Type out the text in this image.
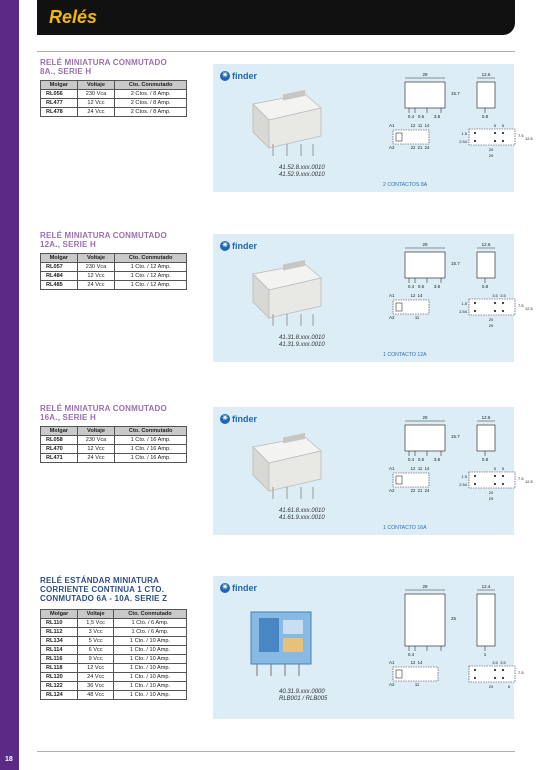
Relés
18
RELÉ MINIATURA CONMUTADO
8A., SERIE H
Molgar	Voltaje	Cto. Conmutado
RL056	230 Vca	2 Ctos. / 8 Amp.
RL477	12 Vcc	2 Ctos. / 8 Amp.
RL478	24 Vcc	2 Ctos. / 8 Amp.
✳ finder
41.52.8.xxx.0010
41.52.9.xxx.0010
2 CONTACTOS 8A
29
15.7
0.4 0.6 3.8
12.6
0.8
A1
A2
12 11 14
22 21 24
5 5
1.5
2.54
7.5
12.5
20
29
RELÉ MINIATURA CONMUTADO
12A., SERIE H
Molgar	Voltaje	Cto. Conmutado
RL057	230 Vca	1 Cto. / 12 Amp.
RL484	12 Vcc	1 Cto. / 12 Amp.
RL485	24 Vcc	1 Cto. / 12 Amp.
✳ finder
41.31.8.xxx.0010
41.31.9.xxx.0010
1 CONTACTO 12A
29
15.7
0.4 0.6 3.8
12.6
0.8
A1
A2
12 14
11
3.5 3.5
1.5
2.54
7.5
12.5
20
29
RELÉ MINIATURA CONMUTADO
16A., SERIE H
Molgar	Voltaje	Cto. Conmutado
RL058	230 Vca	1 Cto. / 16 Amp.
RL470	12 Vcc	1 Cto. / 16 Amp.
RL471	24 Vcc	1 Cto. / 16 Amp.
✳ finder
41.61.8.xxx.0010
41.61.9.xxx.0010
1 CONTACTO 16A
29
15.7
0.4 0.6 3.8
12.6
0.8
A1
A2
12 11 14
22 21 24
5 5
1.5
2.54
7.5
12.5
20
29
RELÉ ESTÁNDAR MINIATURA
CORRIENTE CONTINUA 1 CTO.
CONMUTADO 6A - 10A. SERIE Z
Molgar	Voltaje	Cto. Conmutado
RL110	1,5 Vcc	1 Cto. / 6 Amp.
RL112	3 Vcc	1 Cto. / 6 Amp.
RL134	5 Vcc	1 Cto. / 10 Amp.
RL114	6 Vcc	1 Cto. / 10 Amp.
RL116	9 Vcc	1 Cto. / 10 Amp.
RL118	12 Vcc	1 Cto. / 10 Amp.
RL120	24 Vcc	1 Cto. / 10 Amp.
RL122	36 Vcc	1 Cto. / 10 Amp.
RL124	48 Vcc	1 Cto. / 10 Amp.
✳ finder
40.31.9.xxx.0000
RLB001 / RLB005
29
25
0.4
12.4
1
A1
A2
12 14
11
3.5 3.5
7.5
20	6
